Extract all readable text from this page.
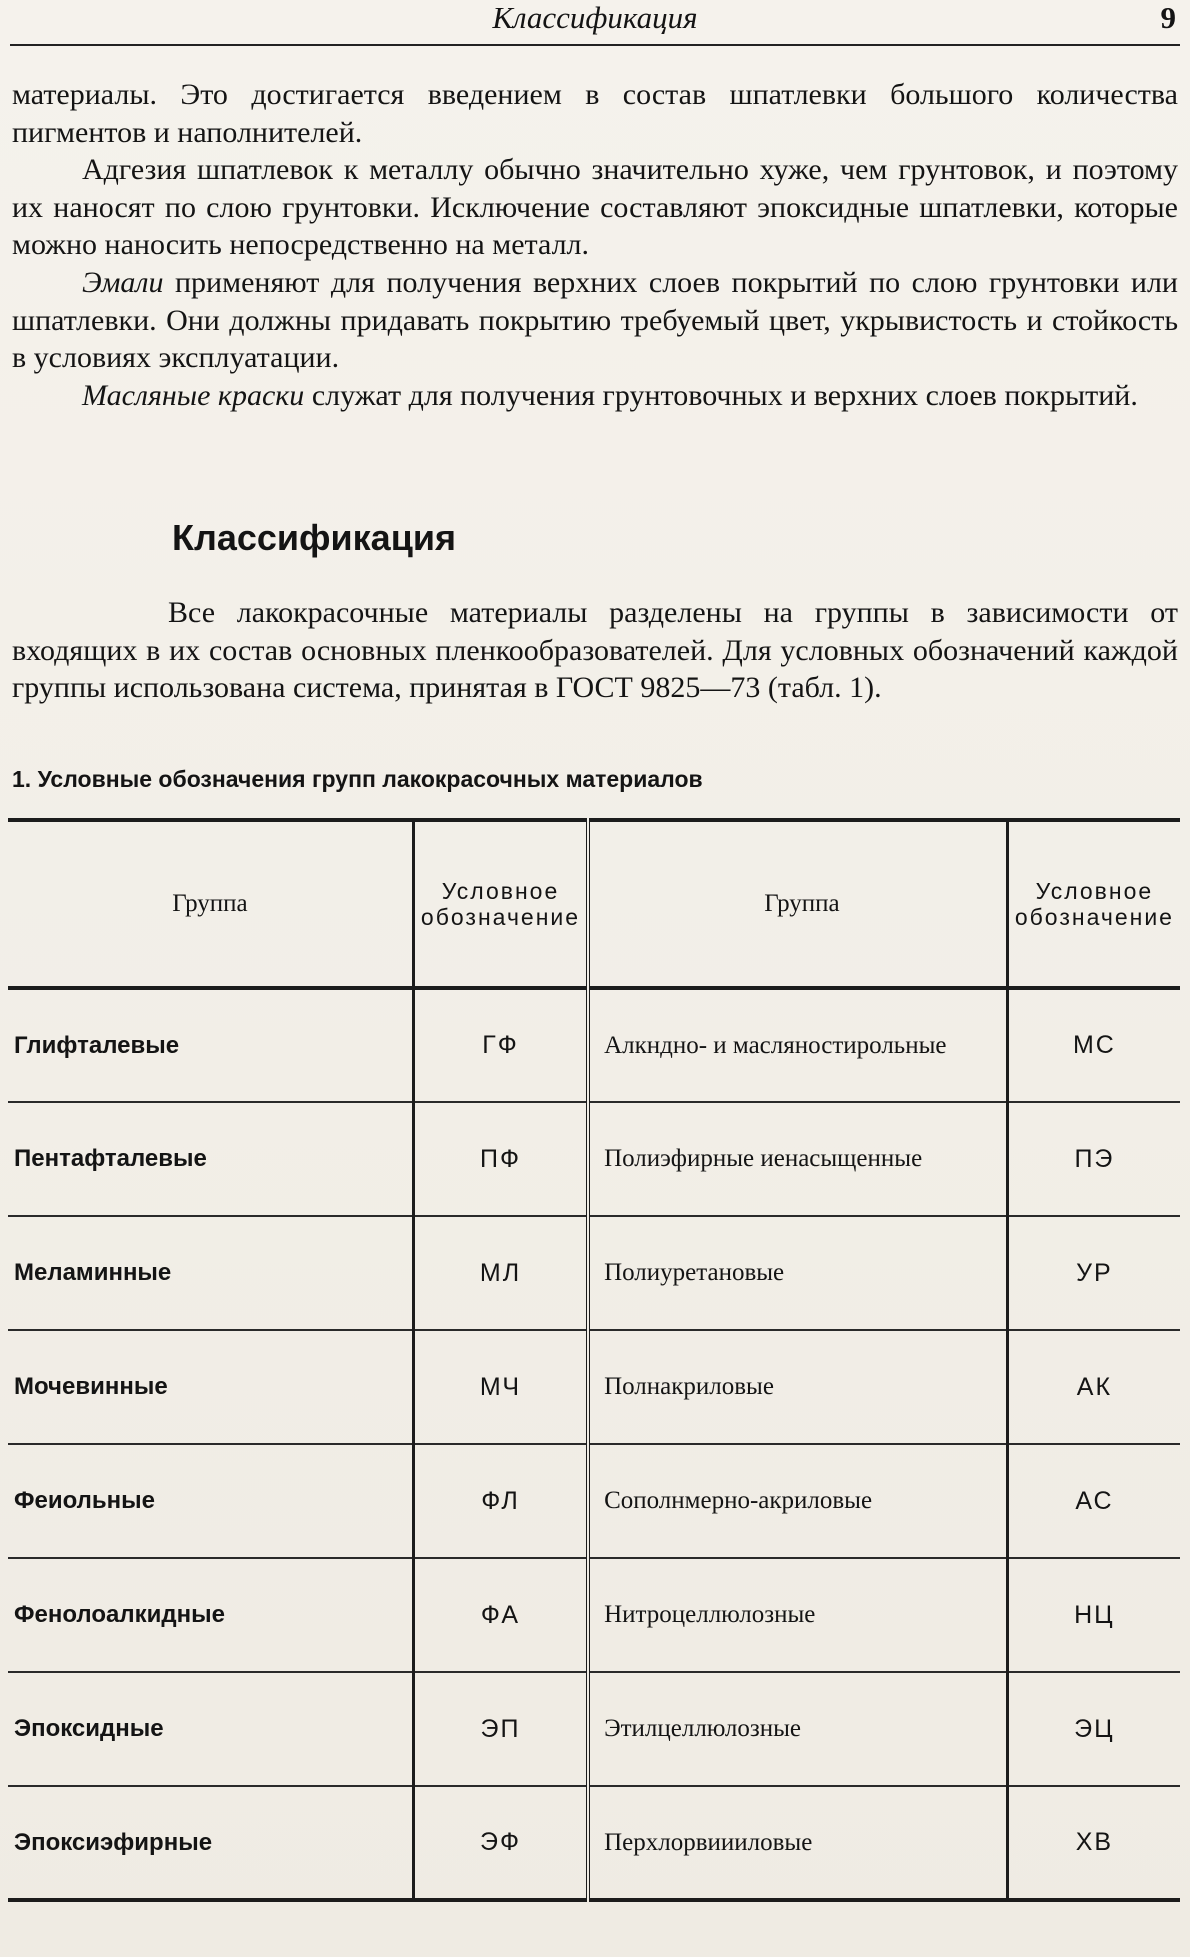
Классификация	9

материалы. Это достигается введением в состав шпатлевки большого количества пигментов и наполнителей.

Адгезия шпатлевок к металлу обычно значительно хуже, чем грунтовок, и поэтому их наносят по слою грунтовки. Исключение составляют эпоксидные шпатлевки, которые можно наносить непосредственно на металл.

Эмали применяют для получения верхних слоев покрытий по слою грунтовки или шпатлевки. Они должны придавать покрытию требуемый цвет, укрывистость и стойкость в условиях эксплуатации.

Масляные краски служат для получения грунтовочных и верхних слоев покрытий.

Классификация

Все лакокрасочные материалы разделены на группы в зависимости от входящих в их состав основных пленкообразователей. Для условных обозначений каждой группы использована система, принятая в ГОСТ 9825—73 (табл. 1).

1. Условные обозначения групп лакокрасочных материалов
Группа	Условное обозначение	Группа	Условное обозначение
Глифталевые	ГФ	Алкндно- и масляностирольные	МС
Пентафталевые	ПФ	Полиэфирные иенасыщенные	ПЭ
Меламинные	МЛ	Полиуретановые	УР
Мочевинные	МЧ	Полнакриловые	АК
Феиольные	ФЛ	Сополнмерно-акриловые	АС
Фенолоалкидные	ФА	Нитроцеллюлозные	НЦ
Эпоксидные	ЭП	Этилцеллюлозные	ЭЦ
Эпоксиэфирные	ЭФ	Перхлорвиииловые	ХВ
